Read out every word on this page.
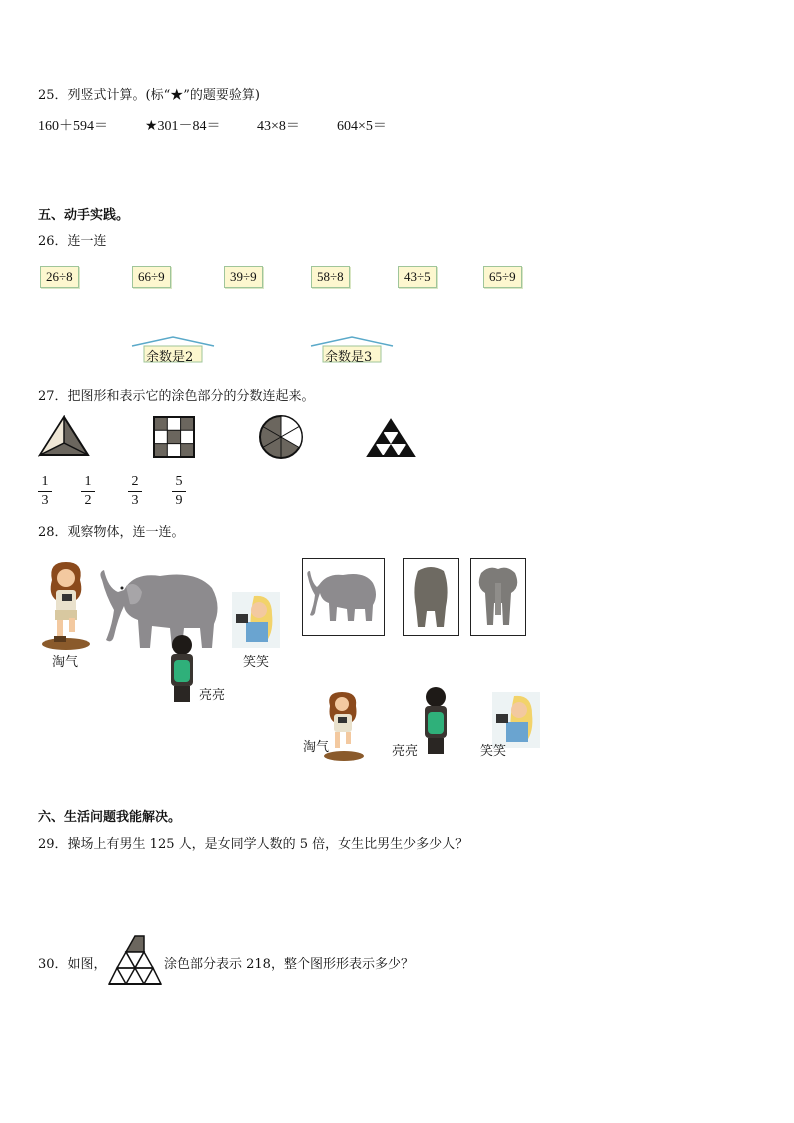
25．列竖式计算。(标“★”的题要验算)
160＋594＝	★301－84＝	43×8＝	604×5＝
五、动手实践。
26．连一连
26÷8	66÷9	39÷9	58÷8	43÷5	65÷9
余数是2	余数是3
27．把图形和表示它的涂色部分的分数连起来。
1
3
1
2
2
3
5
9
28．观察物体，连一连。
淘气
亮亮
笑笑
淘气	亮亮	笑笑
六、生活问题我能解决。
29．操场上有男生 125 人，是女同学人数的 5 倍，女生比男生少多少人？
30．如图，	涂色部分表示 218，整个图形形表示多少？
